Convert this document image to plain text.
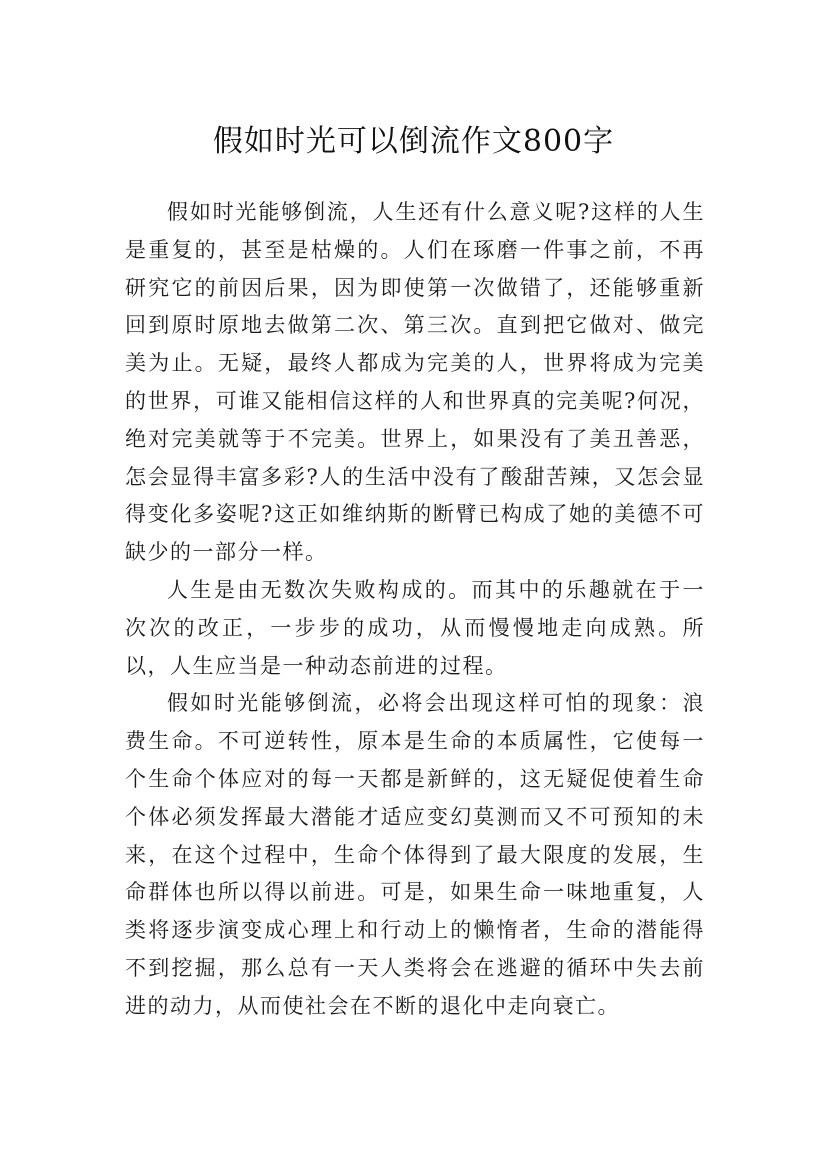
假如时光可以倒流作文800字

假如时光能够倒流，人生还有什么意义呢?这样的人生是重复的，甚至是枯燥的。人们在琢磨一件事之前，不再研究它的前因后果，因为即使第一次做错了，还能够重新回到原时原地去做第二次、第三次。直到把它做对、做完美为止。无疑，最终人都成为完美的人，世界将成为完美的世界，可谁又能相信这样的人和世界真的完美呢?何况，绝对完美就等于不完美。世界上，如果没有了美丑善恶，怎会显得丰富多彩?人的生活中没有了酸甜苦辣，又怎会显得变化多姿呢?这正如维纳斯的断臂已构成了她的美德不可缺少的一部分一样。

人生是由无数次失败构成的。而其中的乐趣就在于一次次的改正，一步步的成功，从而慢慢地走向成熟。所以，人生应当是一种动态前进的过程。

假如时光能够倒流，必将会出现这样可怕的现象：浪费生命。不可逆转性，原本是生命的本质属性，它使每一个生命个体应对的每一天都是新鲜的，这无疑促使着生命个体必须发挥最大潜能才适应变幻莫测而又不可预知的未来，在这个过程中，生命个体得到了最大限度的发展，生命群体也所以得以前进。可是，如果生命一味地重复，人类将逐步演变成心理上和行动上的懒惰者，生命的潜能得不到挖掘，那么总有一天人类将会在逃避的循环中失去前进的动力，从而使社会在不断的退化中走向衰亡。
